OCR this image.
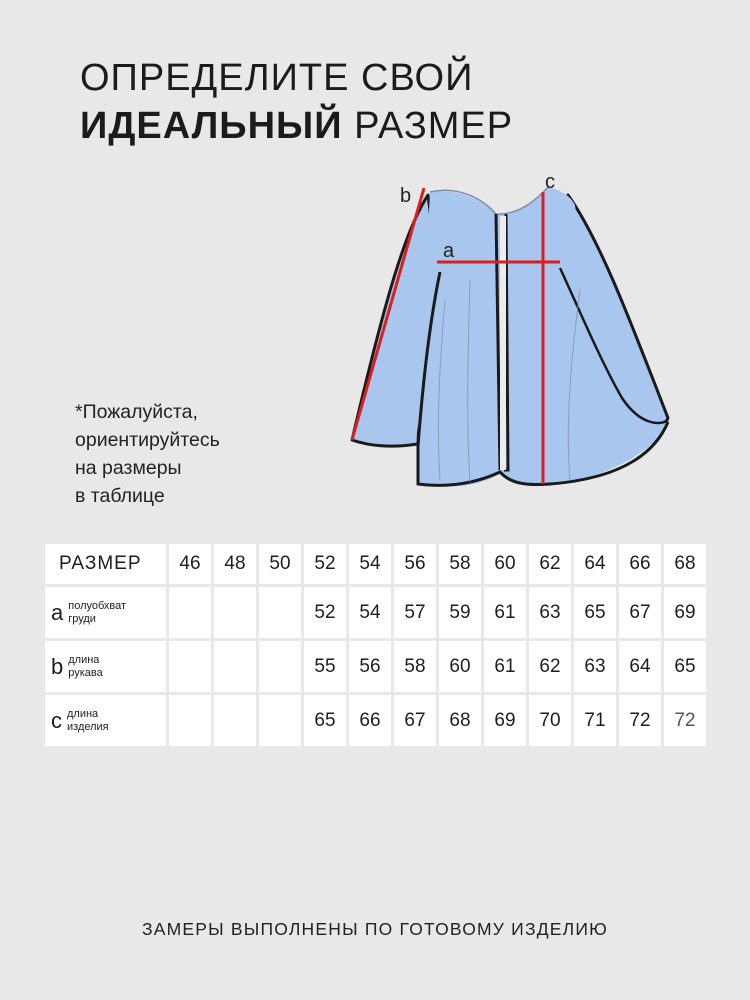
ОПРЕДЕЛИТЕ СВОЙ
ИДЕАЛЬНЫЙ РАЗМЕР
a
b
c
*Пожалуйста,
ориентируйтесь
на размеры
в таблице
РАЗМЕР	46	48	50	52	54	56	58	60	62	64	66	68

a полуобхват
груди				52	54	57	59	61	63	65	67	69

b длина
рукава				55	56	58	60	61	62	63	64	65

c длина
изделия				65	66	67	68	69	70	71	72	72
ЗАМЕРЫ ВЫПОЛНЕНЫ ПО ГОТОВОМУ ИЗДЕЛИЮ
